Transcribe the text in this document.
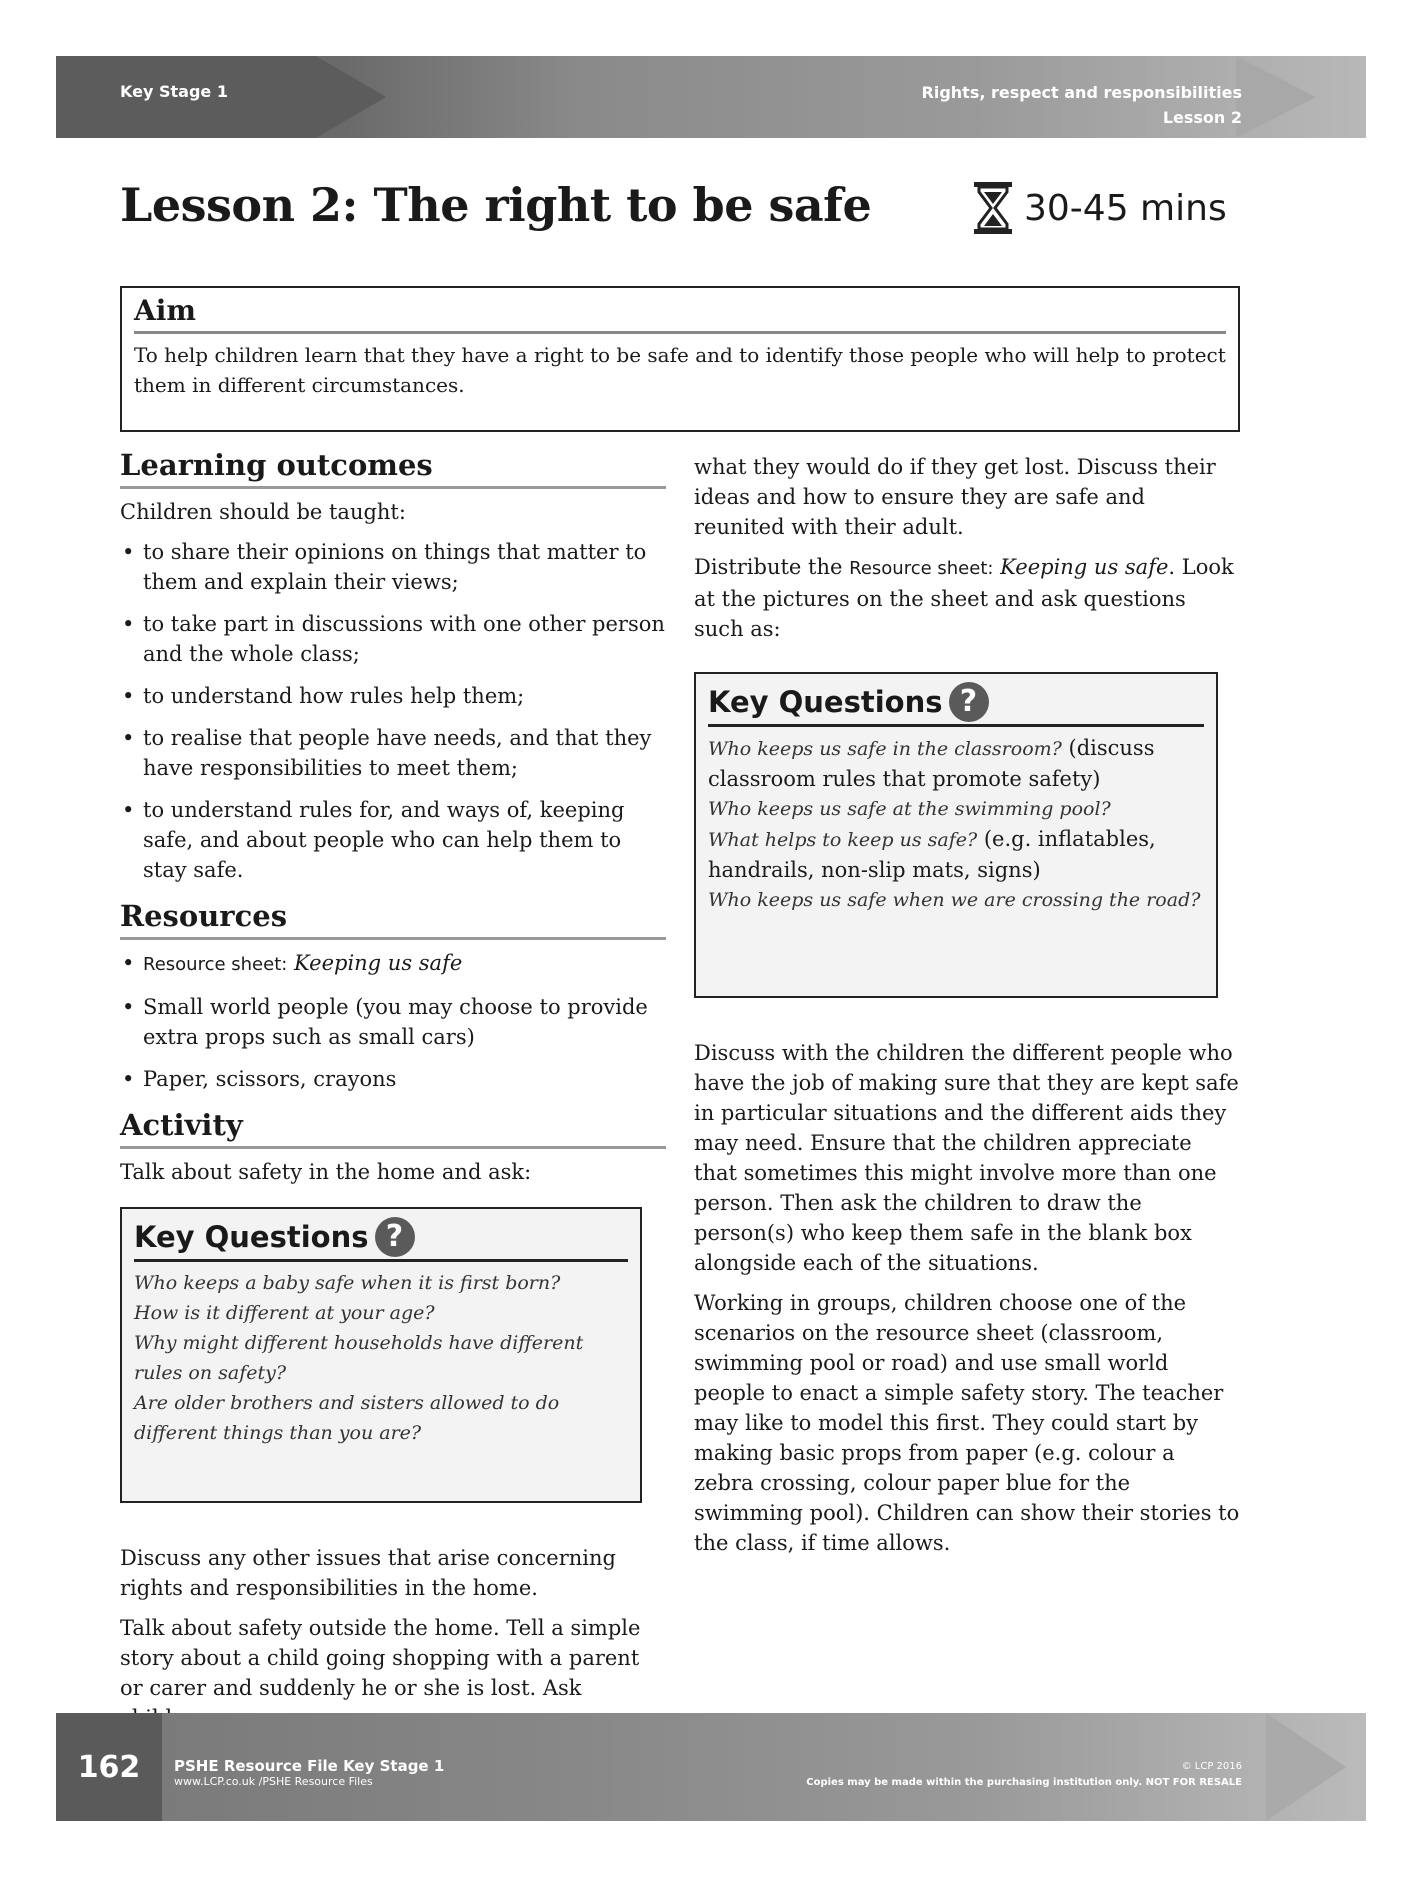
Key Stage 1	Rights, respect and responsibilities
Lesson 2
Lesson 2: The right to be safe	30-45 mins
Aim

To help children learn that they have a right to be safe and to identify those people who will help to protect them in different circumstances.

Learning outcomes

Children should be taught:

• to share their opinions on things that matter to them and explain their views;
• to take part in discussions with one other person and the whole class;
• to understand how rules help them;
• to realise that people have needs, and that they have responsibilities to meet them;
• to understand rules for, and ways of, keeping safe, and about people who can help them to stay safe.
Resources
• Resource sheet: Keeping us safe
• Small world people (you may choose to provide extra props such as small cars)
• Paper, scissors, crayons
Activity

Talk about safety in the home and ask:

Key Questions ?
Who keeps a baby safe when it is first born?
How is it different at your age?
Why might different households have different rules on safety?
Are older brothers and sisters allowed to do different things than you are?

Discuss any other issues that arise concerning rights and responsibilities in the home.

Talk about safety outside the home. Tell a simple story about a child going shopping with a parent or carer and suddenly he or she is lost. Ask

what they would do if they get lost. Discuss their ideas and how to ensure they are safe and reunited with their adult.

Distribute the Resource sheet: Keeping us safe. Look at the pictures on the sheet and ask questions such as:

Key Questions ?
Who keeps us safe in the classroom? (discuss classroom rules that promote safety)
Who keeps us safe at the swimming pool?
What helps to keep us safe? (e.g. inflatables, handrails, non-slip mats, signs)
Who keeps us safe when we are crossing the road?

Discuss with the children the different people who have the job of making sure that they are kept safe in particular situations and the different aids they may need. Ensure that the children appreciate that sometimes this might involve more than one person. Then ask the children to draw the person(s) who keep them safe in the blank box alongside each of the situations.

Working in groups, children choose one of the scenarios on the resource sheet (classroom, swimming pool or road) and use small world people to enact a simple safety story. The teacher may like to model this first. They could start by making basic props from paper (e.g. colour a zebra crossing, colour paper blue for the swimming pool). Children can show their stories to the class, if time allows.

162	PSHE Resource File Key Stage 1
www.LCP.co.uk /PSHE Resource Files
© LCP 2016
Copies may be made within the purchasing institution only. NOT FOR RESALE
